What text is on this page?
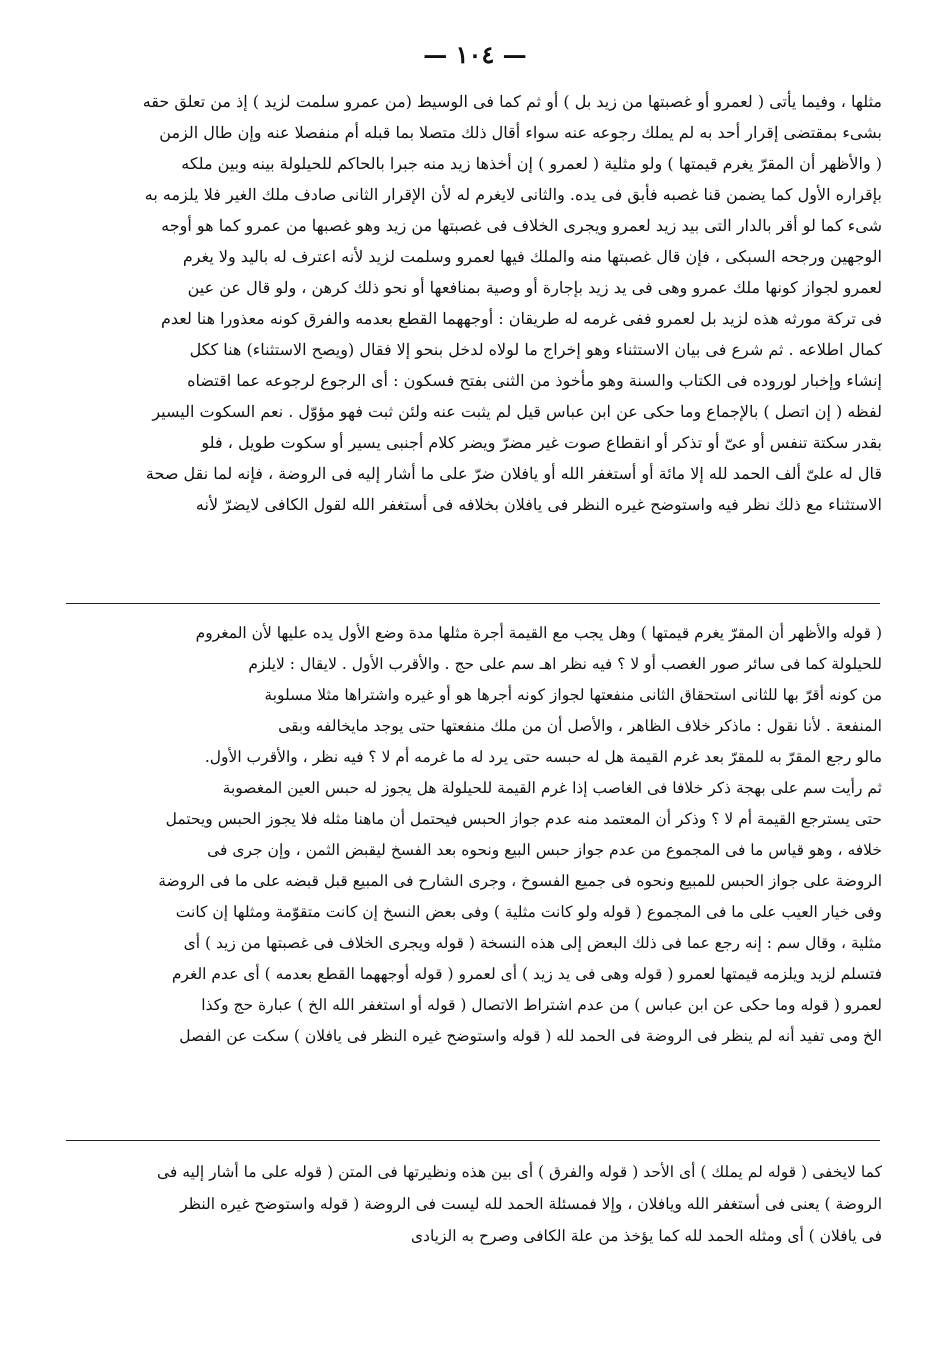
— ١٠٤ —

مثلها ، وفيما يأتى ( لعمرو أو غصبتها من زيد بل ) أو ثم كما فى الوسيط (من عمرو سلمت لزيد ) إذ من تعلق حقه

بشىء بمقتضى إقرار أحد به لم يملك رجوعه عنه سواء أقال ذلك متصلا بما قبله أم منفصلا عنه وإن طال الزمن

( والأظهر أن المقرّ يغرم قيمتها ) ولو مثلية ( لعمرو ) إن أخذها زيد منه جبرا بالحاكم للحيلولة بينه وبين ملكه

بإقراره الأول كما يضمن قنا غصبه فأبق فى يده. والثانى لايغرم له لأن الإقرار الثانى صادف ملك الغير فلا يلزمه به

شىء كما لو أقر بالدار التى بيد زيد لعمرو ويجرى الخلاف فى غصبتها من زيد وهو غصبها من عمرو كما هو أوجه

الوجهين ورجحه السبكى ، فإن قال غصبتها منه والملك فيها لعمرو وسلمت لزيد لأنه اعترف له باليد ولا يغرم

لعمرو لجواز كونها ملك عمرو وهى فى يد زيد بإجارة أو وصية بمنافعها أو نحو ذلك كرهن ، ولو قال عن عين

فى تركة مورثه هذه لزيد بل لعمرو ففى غرمه له طريقان : أوجههما القطع بعدمه والفرق كونه معذورا هنا لعدم

كمال اطلاعه . ثم شرع فى بيان الاستثناء وهو إخراج ما لولاه لدخل بنحو إلا فقال (ويصح الاستثناء) هنا ككل

إنشاء وإخبار لوروده فى الكتاب والسنة وهو مأخوذ من الثنى بفتح فسكون : أى الرجوع لرجوعه عما اقتضاه

لفظه ( إن اتصل ) بالإجماع وما حكى عن ابن عباس قيل لم يثبت عنه ولئن ثبت فهو مؤوّل . نعم السكوت اليسير

بقدر سكتة تنفس أو عىّ أو تذكر أو انقطاع صوت غير مضرّ ويضر كلام أجنبى يسير أو سكوت طويل ، فلو

قال له علىّ ألف الحمد لله إلا مائة أو أستغفر الله أو يافلان ضرّ على ما أشار إليه فى الروضة ، فإنه لما نقل صحة

الاستثناء مع ذلك نظر فيه واستوضح غيره النظر فى يافلان بخلافه فى أستغفر الله لقول الكافى لايضرّ لأنه

( قوله والأظهر أن المقرّ يغرم قيمتها ) وهل يجب مع القيمة أجرة مثلها مدة وضع الأول يده عليها لأن المغروم

للحيلولة كما فى سائر صور الغصب أو لا ؟ فيه نظر اهـ سم على حج . والأقرب الأول . لايقال : لايلزم

من كونه أقرّ بها للثانى استحقاق الثانى منفعتها لجواز كونه أجرها هو أو غيره واشتراها مثلا مسلوبة

المنفعة . لأنا نقول : ماذكر خلاف الظاهر ، والأصل أن من ملك منفعتها حتى يوجد مايخالفه وبقى

مالو رجع المقرّ به للمقرّ بعد غرم القيمة هل له حبسه حتى يرد له ما غرمه أم لا ؟ فيه نظر ، والأقرب الأول.

ثم رأيت سم على بهجة ذكر خلافا فى الغاصب إذا غرم القيمة للحيلولة هل يجوز له حبس العين المغصوبة

حتى يسترجع القيمة أم لا ؟ وذكر أن المعتمد منه عدم جواز الحبس فيحتمل أن ماهنا مثله فلا يجوز الحبس ويحتمل

خلافه ، وهو قياس ما فى المجموع من عدم جواز حبس البيع ونحوه بعد الفسخ ليقبض الثمن ، وإن جرى فى

الروضة على جواز الحبس للمبيع ونحوه فى جميع الفسوخ ، وجرى الشارح فى المبيع قبل قبضه على ما فى الروضة

وفى خيار العيب على ما فى المجموع ( قوله ولو كانت مثلية ) وفى بعض النسخ إن كانت متقوّمة ومثلها إن كانت

مثلية ، وقال سم : إنه رجع عما فى ذلك البعض إلى هذه النسخة ( قوله ويجرى الخلاف فى غصبتها من زيد ) أى

فتسلم لزيد ويلزمه قيمتها لعمرو ( قوله وهى فى يد زيد ) أى لعمرو ( قوله أوجههما القطع بعدمه ) أى عدم الغرم

لعمرو ( قوله وما حكى عن ابن عباس ) من عدم اشتراط الاتصال ( قوله أو استغفر الله الخ ) عبارة حج وكذا

الخ ومى تفيد أنه لم ينظر فى الروضة فى الحمد لله ( قوله واستوضح غيره النظر فى يافلان ) سكت عن الفصل

كما لايخفى ( قوله لم يملك ) أى الأحد ( قوله والفرق ) أى بين هذه ونظيرتها فى المتن ( قوله على ما أشار إليه فى

الروضة ) يعنى فى أستغفر الله ويافلان ، وإلا فمسئلة الحمد لله ليست فى الروضة ( قوله واستوضح غيره النظر

فى يافلان ) أى ومثله الحمد لله كما يؤخذ من علة الكافى وصرح به الزيادى
